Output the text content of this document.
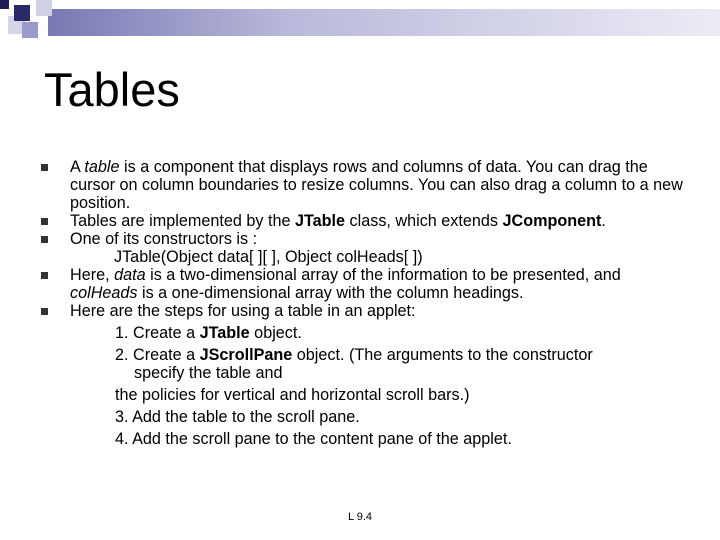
Tables

A table is a component that displays rows and columns of data. You can drag the cursor on column boundaries to resize columns. You can also drag a column to a new position.

Tables are implemented by the JTable class, which extends JComponent.

One of its constructors is :

JTable(Object data[ ][ ], Object colHeads[ ])

Here, data is a two-dimensional array of the information to be presented, and colHeads is a one-dimensional array with the column headings.

Here are the steps for using a table in an applet:

1. Create a JTable object.

2. Create a JScrollPane object. (The arguments to the constructor

specify the table and

the policies for vertical and horizontal scroll bars.)

3. Add the table to the scroll pane.

4. Add the scroll pane to the content pane of the applet.

L 9.4
